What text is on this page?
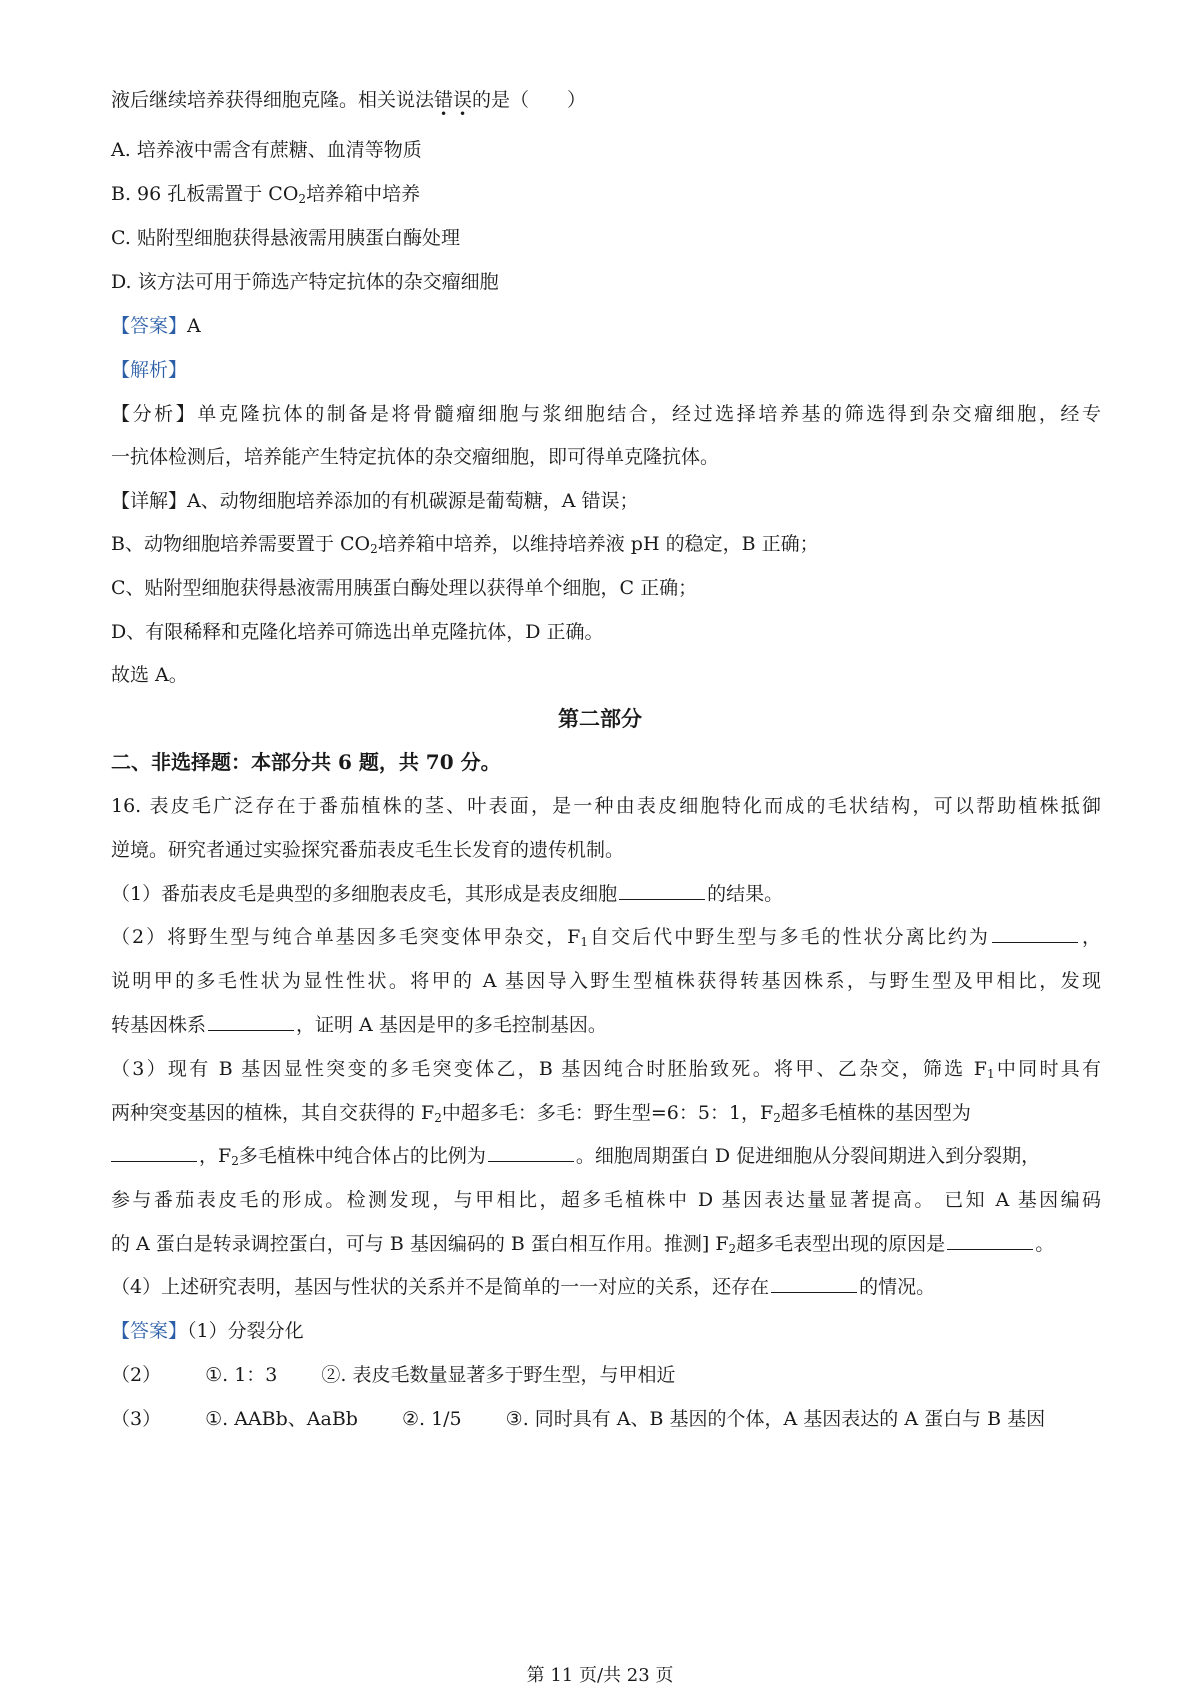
液后继续培养获得细胞克隆。相关说法错误的是（　　）
A. 培养液中需含有蔗糖、血清等物质
B. 96 孔板需置于 $CO_2$培养箱中培养
C. 贴附型细胞获得悬液需用胰蛋白酶处理
D. 该方法可用于筛选产特定抗体的杂交瘤细胞
【答案】A
【解析】
【分析】单克隆抗体的制备是将骨髓瘤细胞与浆细胞结合，经过选择培养基的筛选得到杂交瘤细胞，经专
一抗体检测后，培养能产生特定抗体的杂交瘤细胞，即可得单克隆抗体。
【详解】A、动物细胞培养添加的有机碳源是葡萄糖，A 错误；
B、动物细胞培养需要置于 $CO_2$培养箱中培养，以维持培养液 pH 的稳定，B 正确；
C、贴附型细胞获得悬液需用胰蛋白酶处理以获得单个细胞，C 正确；
D、有限稀释和克隆化培养可筛选出单克隆抗体，D 正确。
故选 A。
第二部分
二、非选择题：本部分共 6 题，共 70 分。
16. 表皮毛广泛存在于番茄植株的茎、叶表面，是一种由表皮细胞特化而成的毛状结构，可以帮助植株抵御
逆境。研究者通过实验探究番茄表皮毛生长发育的遗传机制。
（1）番茄表皮毛是典型的多细胞表皮毛，其形成是表皮细胞	的结果。
（2）将野生型与纯合单基因多毛突变体甲杂交，$F_1$自交后代中野生型与多毛的性状分离比约为	，
说明甲的多毛性状为显性性状。将甲的 A 基因导入野生型植株获得转基因株系，与野生型及甲相比，发现
转基因株系	，证明 A 基因是甲的多毛控制基因。
（3）现有 B 基因显性突变的多毛突变体乙，B 基因纯合时胚胎致死。将甲、乙杂交，筛选 $F_1$中同时具有
两种突变基因的植株，其自交获得的 $F_2$中超多毛：多毛：野生型=6：5：1，$F_2$超多毛植株的基因型为
，$F_2$多毛植株中纯合体占的比例为	。细胞周期蛋白 D 促进细胞从分裂间期进入到分裂期，
参与番茄表皮毛的形成。检测发现，与甲相比，超多毛植株中 D 基因表达量显著提高。 已知 A 基因编码
的 A 蛋白是转录调控蛋白，可与 B 基因编码的 B 蛋白相互作用。推测] $F_2$超多毛表型出现的原因是	。
（4）上述研究表明，基因与性状的关系并不是简单的一一对应的关系，还存在	的情况。
【答案】（1）分裂分化
（2） ①. 1：3 ②. 表皮毛数量显著多于野生型，与甲相近
（3） ①. AABb、AaBb ②. 1/5 ③. 同时具有 A、B 基因的个体，A 基因表达的 A 蛋白与 B 基因
第 11 页/共 23 页
